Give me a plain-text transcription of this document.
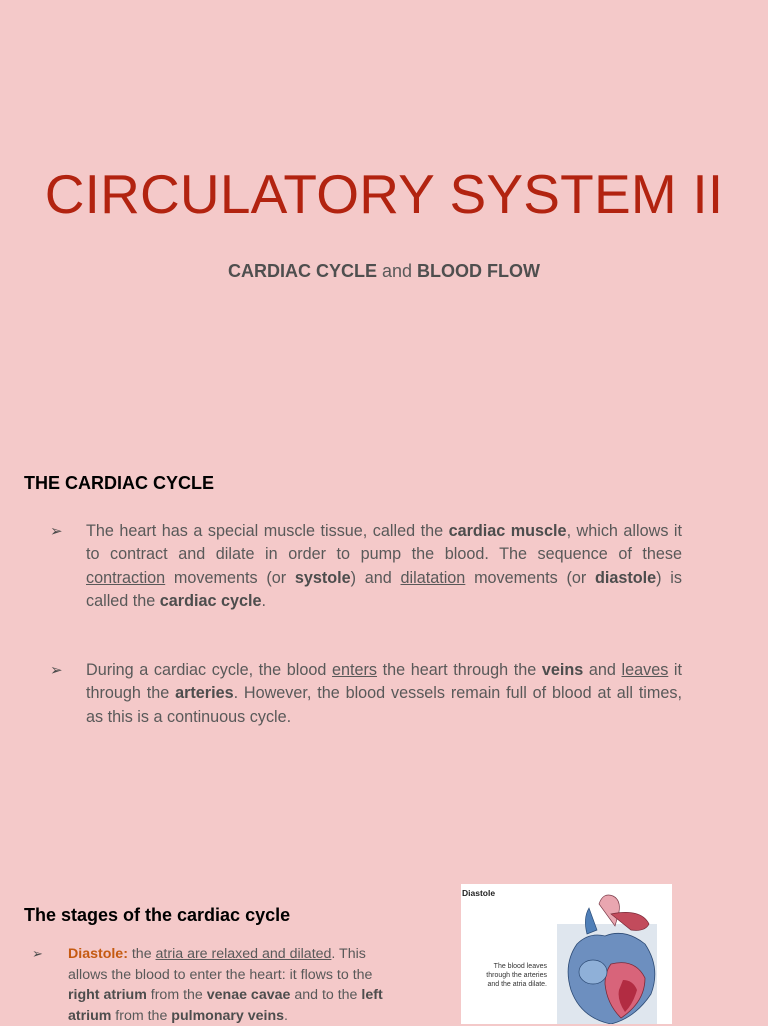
CIRCULATORY SYSTEM II

CARDIAC CYCLE and BLOOD FLOW

THE CARDIAC CYCLE
➢ The heart has a special muscle tissue, called the cardiac muscle, which allows it to contract and dilate in order to pump the blood. The sequence of these contraction movements (or systole) and dilatation movements (or diastole) is called the cardiac cycle.
➢ During a cardiac cycle, the blood enters the heart through the veins and leaves it through the arteries. However, the blood vessels remain full of blood at all times, as this is a continuous cycle.
The stages of the cardiac cycle
➢ Diastole: the atria are relaxed and dilated. This allows the blood to enter the heart: it flows to the right atrium from the venae cavae and to the left atrium from the pulmonary veins.
Diastole
The blood leaves through the arteries and the atria dilate.
